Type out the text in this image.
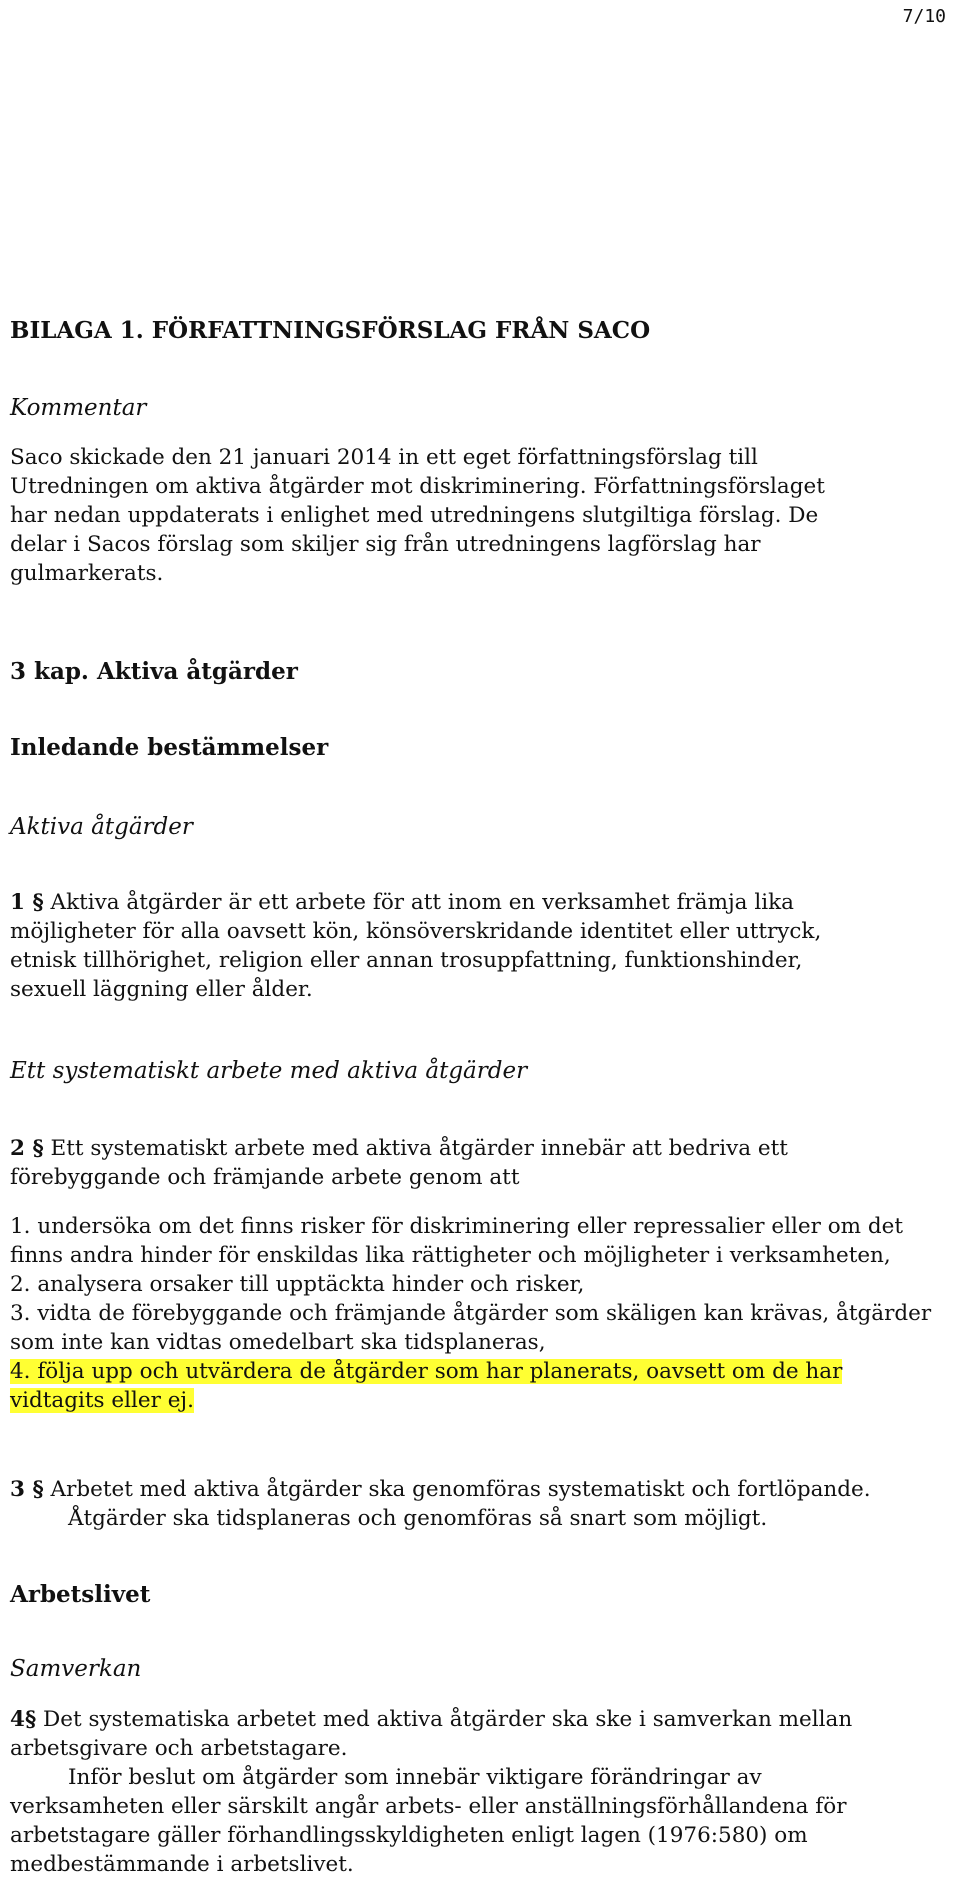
7/10
BILAGA 1. FÖRFATTNINGSFÖRSLAG FRÅN SACO
Kommentar

Saco skickade den 21 januari 2014 in ett eget författningsförslag till Utredningen om aktiva åtgärder mot diskriminering. Författningsförslaget har nedan uppdaterats i enlighet med utredningens slutgiltiga förslag. De delar i Sacos förslag som skiljer sig från utredningens lagförslag har gulmarkerats.

3 kap. Aktiva åtgärder
Inledande bestämmelser
Aktiva åtgärder

1 § Aktiva åtgärder är ett arbete för att inom en verksamhet främja lika möjligheter för alla oavsett kön, könsöverskridande identitet eller uttryck, etnisk tillhörighet, religion eller annan trosuppfattning, funktionshinder, sexuell läggning eller ålder.

Ett systematiskt arbete med aktiva åtgärder

2 § Ett systematiskt arbete med aktiva åtgärder innebär att bedriva ett förebyggande och främjande arbete genom att

1. undersöka om det finns risker för diskriminering eller repressalier eller om det finns andra hinder för enskildas lika rättigheter och möjligheter i verksamheten,

2. analysera orsaker till upptäckta hinder och risker,

3. vidta de förebyggande och främjande åtgärder som skäligen kan krävas, åtgärder som inte kan vidtas omedelbart ska tidsplaneras,

4. följa upp och utvärdera de åtgärder som har planerats, oavsett om de har vidtagits eller ej.

3 § Arbetet med aktiva åtgärder ska genomföras systematiskt och fortlöpande.

Åtgärder ska tidsplaneras och genomföras så snart som möjligt.

Arbetslivet
Samverkan

4§ Det systematiska arbetet med aktiva åtgärder ska ske i samverkan mellan arbetsgivare och arbetstagare.

Inför beslut om åtgärder som innebär viktigare förändringar av verksamheten eller särskilt angår arbets- eller anställningsförhållandena för arbetstagare gäller förhandlingsskyldigheten enligt lagen (1976:580) om medbestämmande i arbetslivet.
